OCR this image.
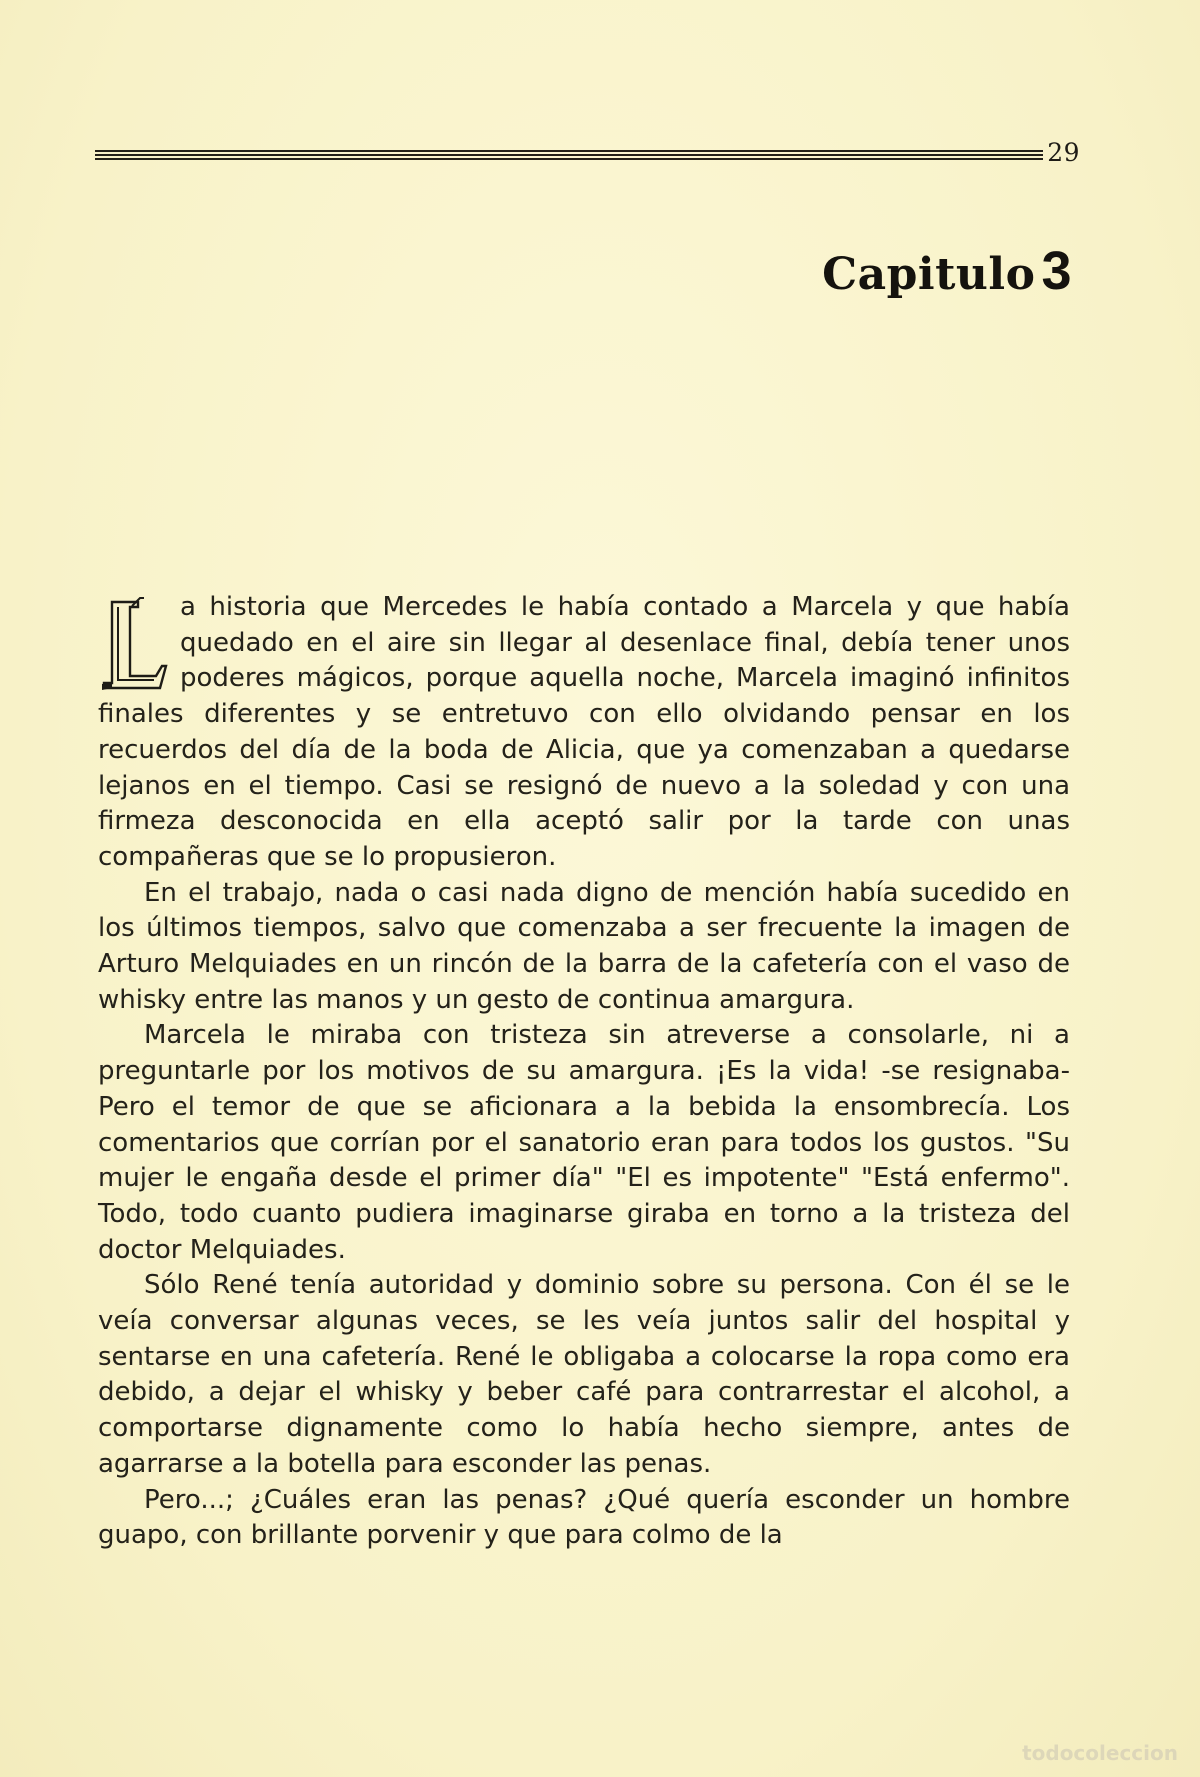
29
Capitulo 3

a historia que Mercedes le había contado a Marcela y que había quedado en el aire sin llegar al desenlace final, debía tener unos poderes mágicos, porque aquella noche, Marcela imaginó infinitos finales diferentes y se entretuvo con ello olvidando pensar en los recuerdos del día de la boda de Alicia, que ya comenzaban a quedarse lejanos en el tiempo. Casi se resignó de nuevo a la soledad y con una firmeza desconocida en ella aceptó salir por la tarde con unas compañeras que se lo propusieron.

En el trabajo, nada o casi nada digno de mención había sucedido en los últimos tiempos, salvo que comenzaba a ser frecuente la imagen de Arturo Melquiades en un rincón de la barra de la cafetería con el vaso de whisky entre las manos y un gesto de continua amargura.

Marcela le miraba con tristeza sin atreverse a consolarle, ni a preguntarle por los motivos de su amargura. ¡Es la vida! -se resignaba- Pero el temor de que se aficionara a la bebida la ensombrecía. Los comentarios que corrían por el sanatorio eran para todos los gustos. "Su mujer le engaña desde el primer día" "El es impotente" "Está enfermo". Todo, todo cuanto pudiera imaginarse giraba en torno a la tristeza del doctor Melquiades.

Sólo René tenía autoridad y dominio sobre su persona. Con él se le veía conversar algunas veces, se les veía juntos salir del hospital y sentarse en una cafetería. René le obligaba a colocarse la ropa como era debido, a dejar el whisky y beber café para contrarrestar el alcohol, a comportarse dignamente como lo había hecho siempre, antes de agarrarse a la botella para esconder las penas.

Pero...; ¿Cuáles eran las penas? ¿Qué quería esconder un hombre guapo, con brillante porvenir y que para colmo de la

todocoleccion
